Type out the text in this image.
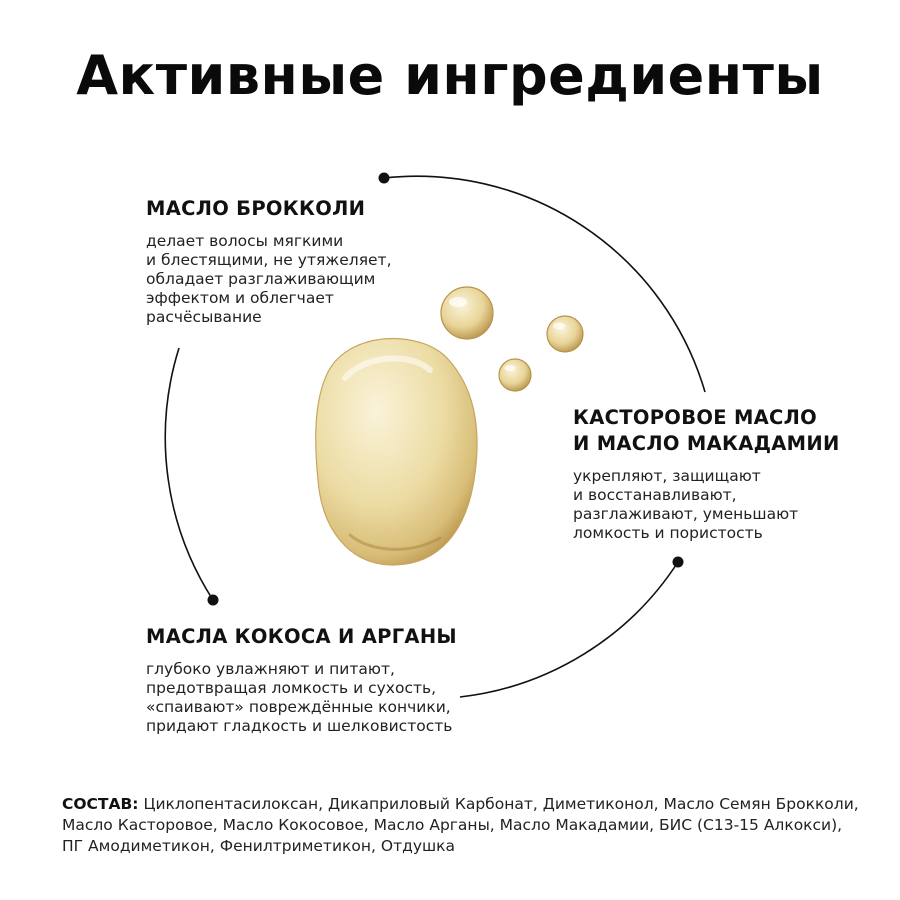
Активные ингредиенты
МАСЛО БРОККОЛИ

делает волосы мягкими
и блестящими, не утяжеляет,
обладает разглаживающим
эффектом и облегчает
расчёсывание

КАСТОРОВОЕ МАСЛО
И МАСЛО МАКАДАМИИ

укрепляют, защищают
и восстанавливают,
разглаживают, уменьшают
ломкость и пористость

МАСЛА КОКОСА И АРГАНЫ

глубоко увлажняют и питают,
предотвращая ломкость и сухость,
«спаивают» повреждённые кончики,
придают гладкость и шелковистость

СОСТАВ: Циклопентасилоксан, Дикаприловый Карбонат, Диметиконол, Масло Семян Брокколи, Масло Касторовое, Масло Кокосовое, Масло Арганы, Масло Макадамии, БИС (С13-15 Алкокси), ПГ Амодиметикон, Фенилтриметикон, Отдушка
